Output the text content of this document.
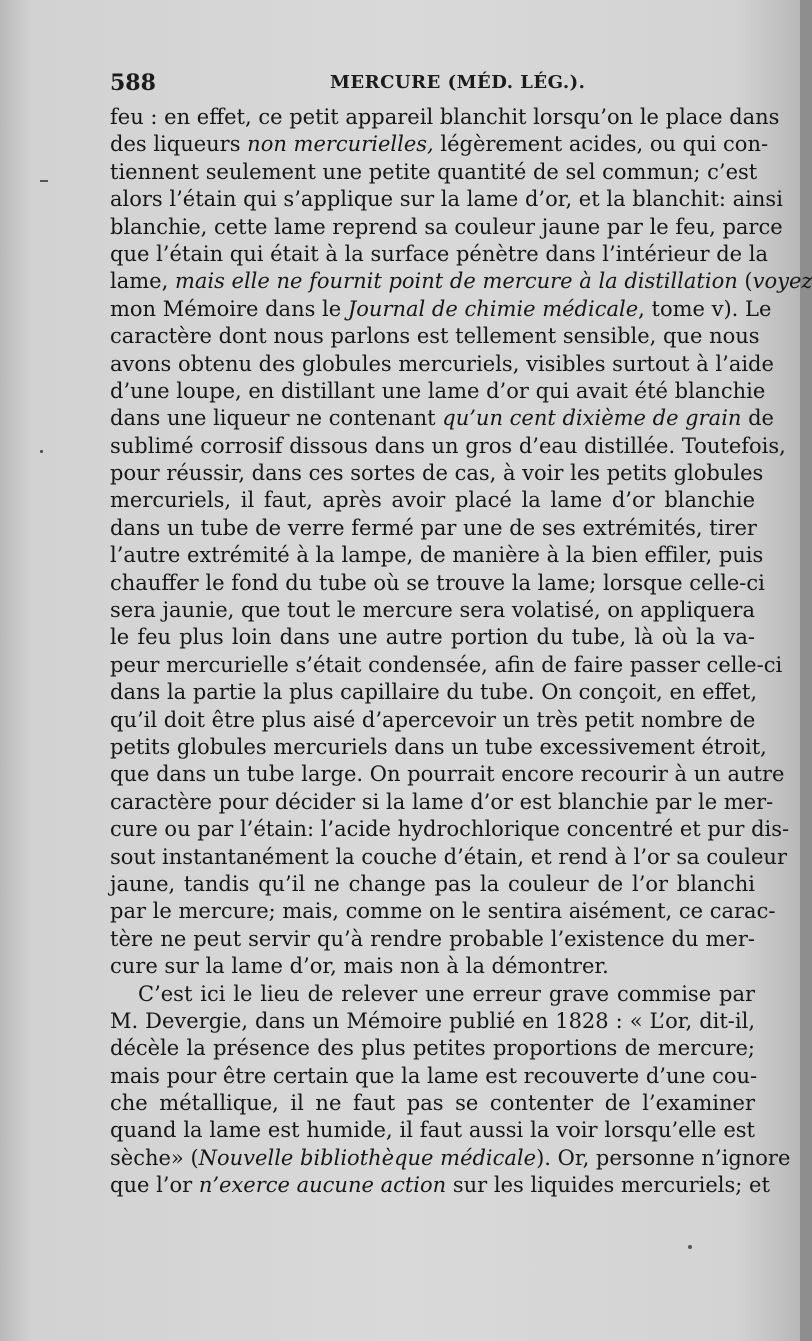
588	MERCURE (MÉD. LÉG.).
feu : en effet, ce petit appareil blanchit lorsqu’on le place dans
des liqueurs non mercurielles, légèrement acides, ou qui con-
tiennent seulement une petite quantité de sel commun; c’est
alors l’étain qui s’applique sur la lame d’or, et la blanchit: ainsi
blanchie, cette lame reprend sa couleur jaune par le feu, parce
que l’étain qui était à la surface pénètre dans l’intérieur de la
lame, mais elle ne fournit point de mercure à la distillation (voyez
mon Mémoire dans le Journal de chimie médicale, tome v). Le
caractère dont nous parlons est tellement sensible, que nous
avons obtenu des globules mercuriels, visibles surtout à l’aide
d’une loupe, en distillant une lame d’or qui avait été blanchie
dans une liqueur ne contenant qu’un cent dixième de grain de
sublimé corrosif dissous dans un gros d’eau distillée. Toutefois,
pour réussir, dans ces sortes de cas, à voir les petits globules
mercuriels, il faut, après avoir placé la lame d’or blanchie
dans un tube de verre fermé par une de ses extrémités, tirer
l’autre extrémité à la lampe, de manière à la bien effiler, puis
chauffer le fond du tube où se trouve la lame; lorsque celle-ci
sera jaunie, que tout le mercure sera volatisé, on appliquera
le feu plus loin dans une autre portion du tube, là où la va-
peur mercurielle s’était condensée, afin de faire passer celle-ci
dans la partie la plus capillaire du tube. On conçoit, en effet,
qu’il doit être plus aisé d’apercevoir un très petit nombre de
petits globules mercuriels dans un tube excessivement étroit,
que dans un tube large. On pourrait encore recourir à un autre
caractère pour décider si la lame d’or est blanchie par le mer-
cure ou par l’étain: l’acide hydrochlorique concentré et pur dis-
sout instantanément la couche d’étain, et rend à l’or sa couleur
jaune, tandis qu’il ne change pas la couleur de l’or blanchi
par le mercure; mais, comme on le sentira aisément, ce carac-
tère ne peut servir qu’à rendre probable l’existence du mer-
cure sur la lame d’or, mais non à la démontrer.
C’est ici le lieu de relever une erreur grave commise par
M. Devergie, dans un Mémoire publié en 1828 : « L’or, dit-il,
décèle la présence des plus petites proportions de mercure;
mais pour être certain que la lame est recouverte d’une cou-
che métallique, il ne faut pas se contenter de l’examiner
quand la lame est humide, il faut aussi la voir lorsqu’elle est
sèche» (Nouvelle bibliothèque médicale). Or, personne n’ignore
que l’or n’exerce aucune action sur les liquides mercuriels; et
